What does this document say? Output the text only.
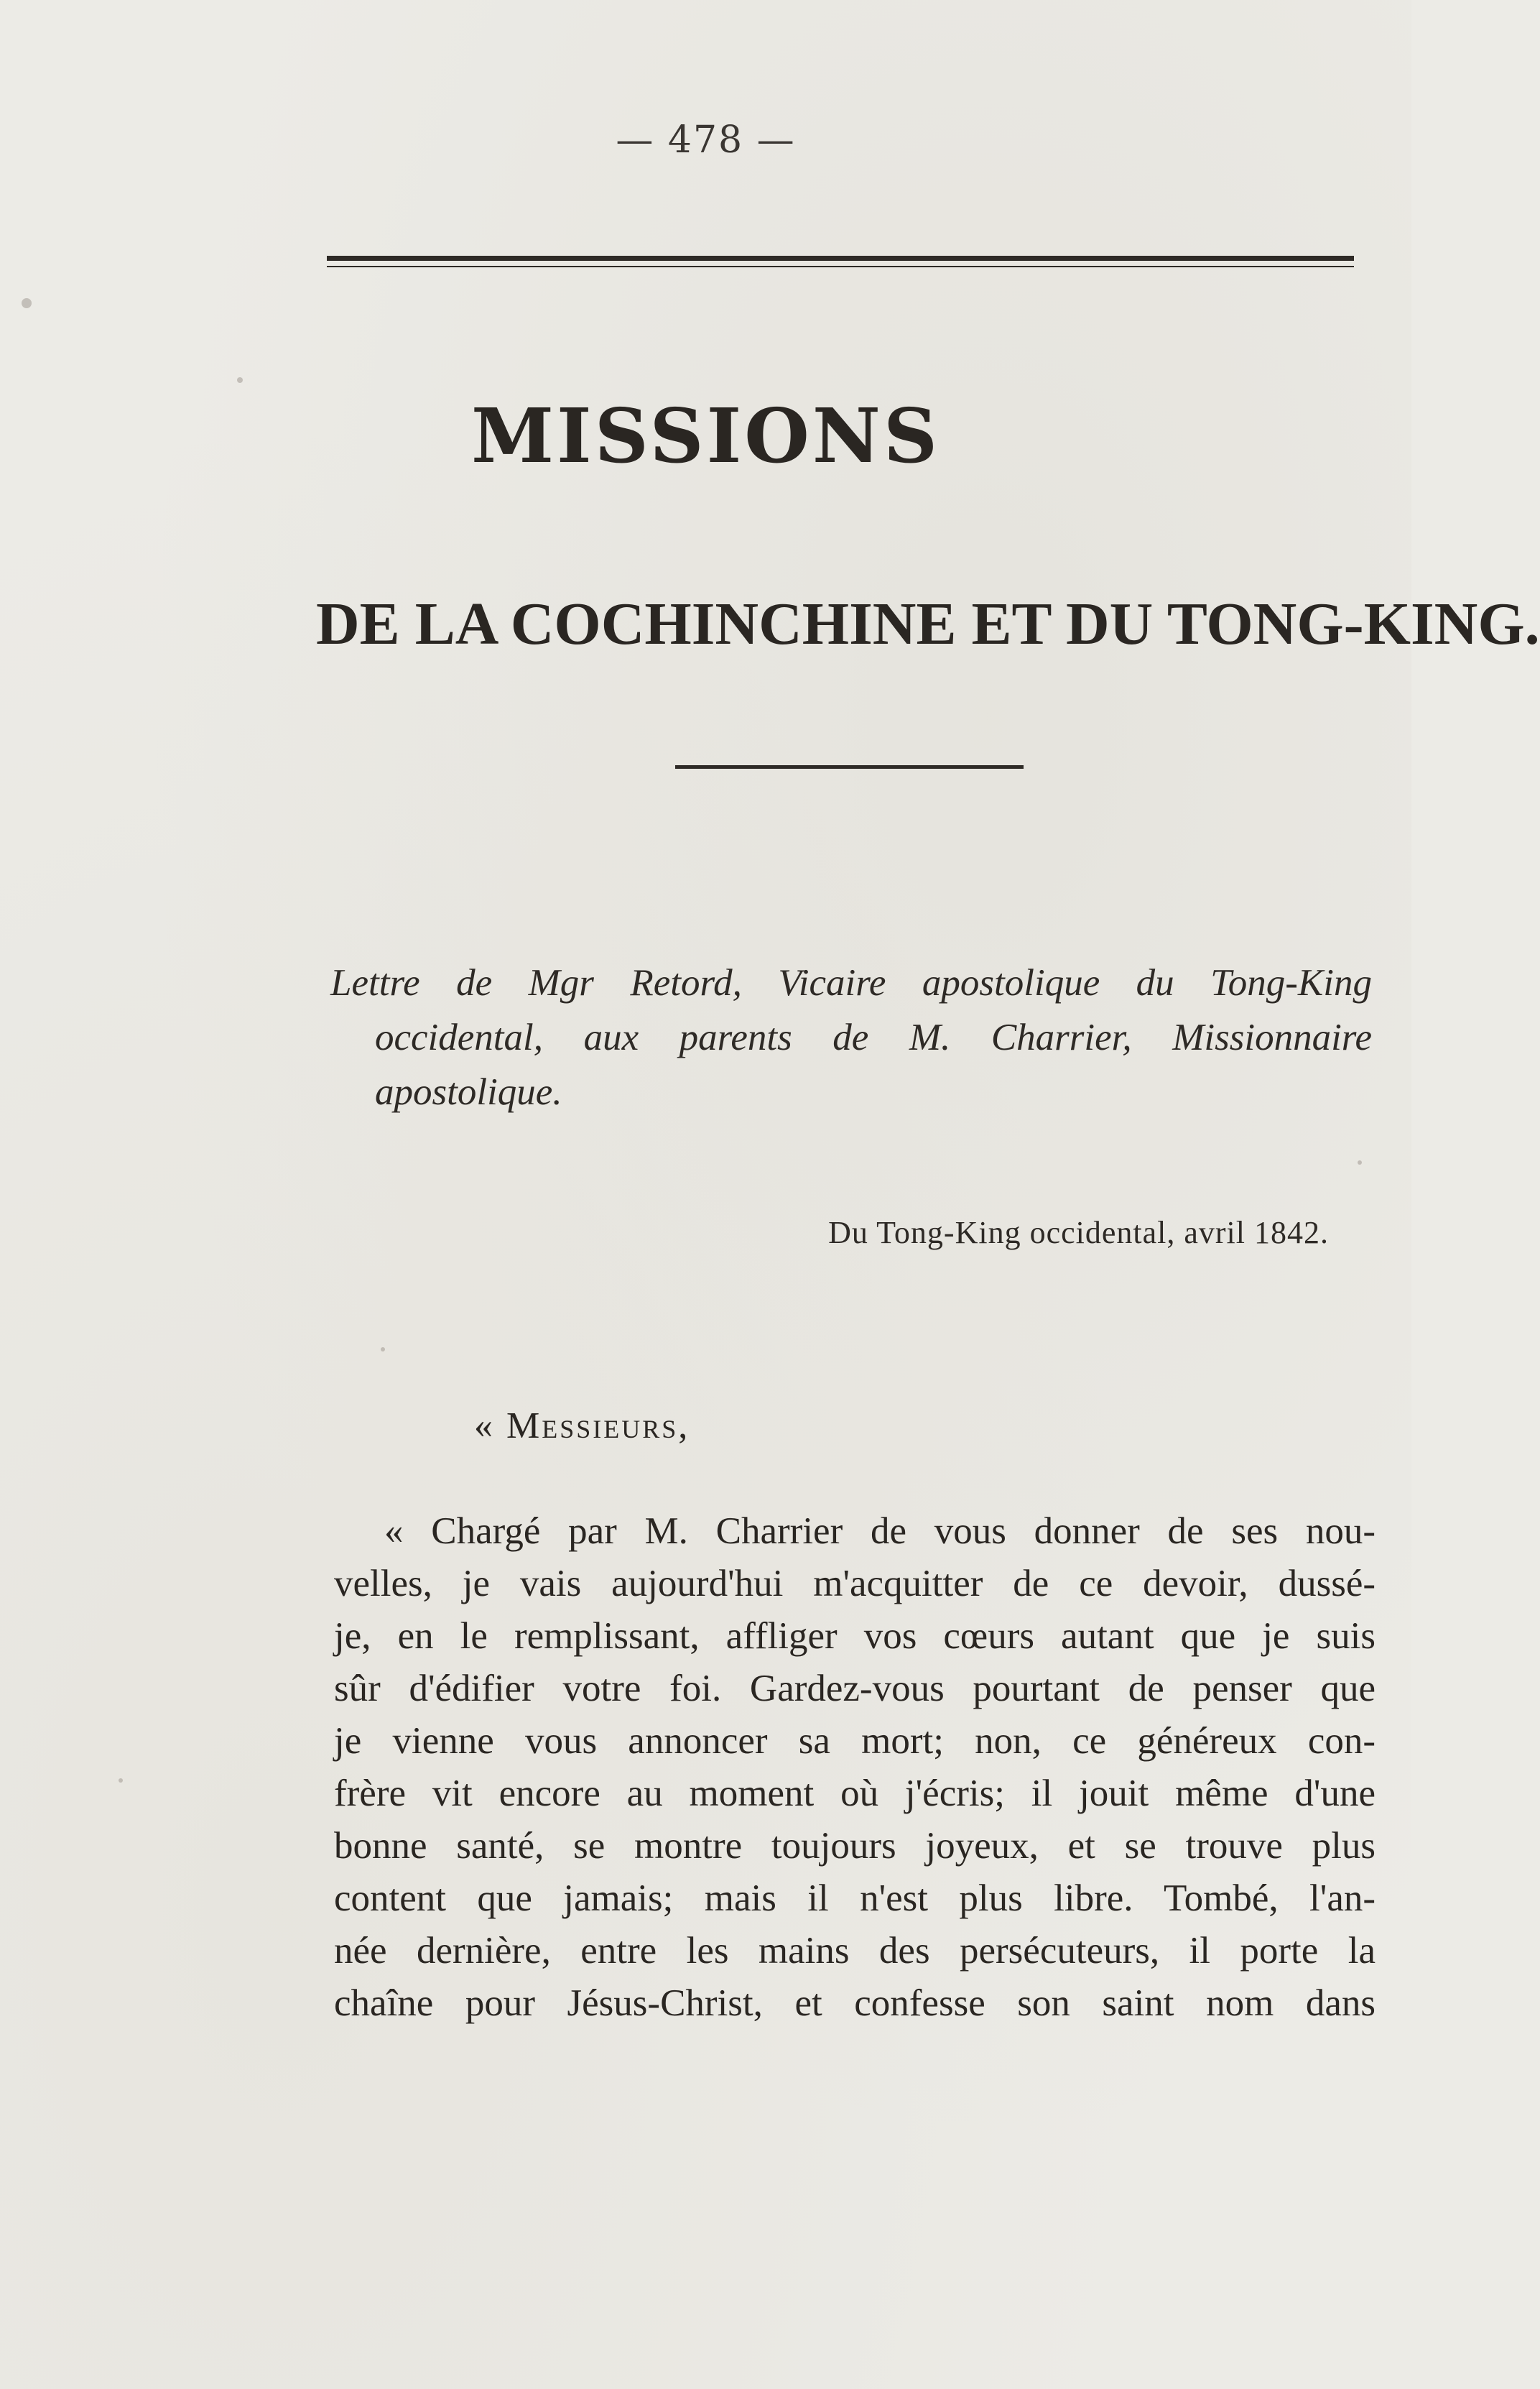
— 478 —
MISSIONS
DE LA COCHINCHINE ET DU TONG-KING.
Lettre de Mgr Retord, Vicaire apostolique du Tong-King
occidental, aux parents de M. Charrier, Missionnaire
apostolique.
Du Tong-King occidental, avril 1842.
« Messieurs,
« Chargé par M. Charrier de vous donner de ses nou-
velles, je vais aujourd'hui m'acquitter de ce devoir, dussé-
je, en le remplissant, affliger vos cœurs autant que je suis
sûr d'édifier votre foi. Gardez-vous pourtant de penser que
je vienne vous annoncer sa mort; non, ce généreux con-
frère vit encore au moment où j'écris; il jouit même d'une
bonne santé, se montre toujours joyeux, et se trouve plus
content que jamais; mais il n'est plus libre. Tombé, l'an-
née dernière, entre les mains des persécuteurs, il porte la
chaîne pour Jésus-Christ, et confesse son saint nom dans
